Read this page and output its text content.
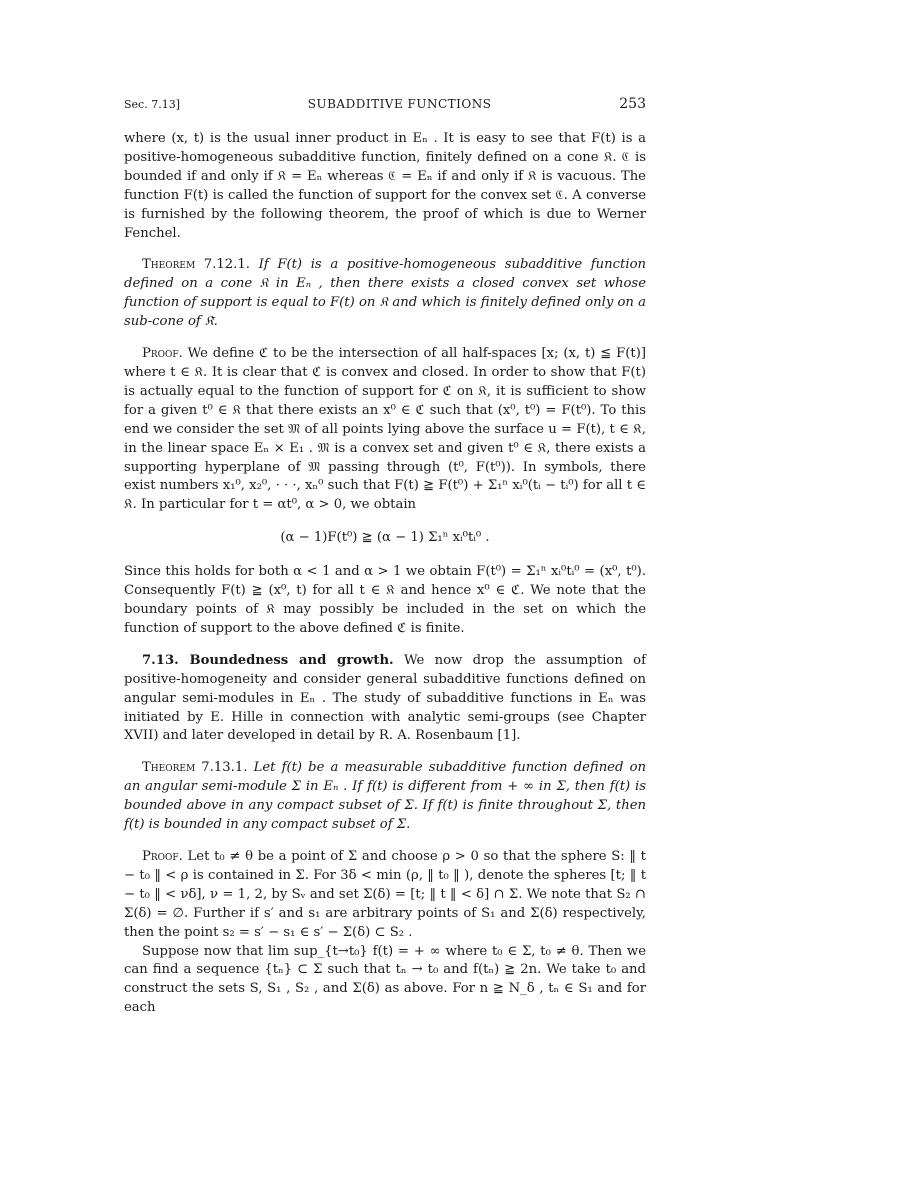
Sec. 7.13]	SUBADDITIVE FUNCTIONS	253

where (x, t) is the usual inner product in Eₙ . It is easy to see that F(t) is a positive-homogeneous subadditive function, finitely defined on a cone 𝔎. ℭ is bounded if and only if 𝔎 = Eₙ whereas ℭ = Eₙ if and only if 𝔎 is vacuous. The function F(t) is called the function of support for the convex set ℭ. A converse is furnished by the following theorem, the proof of which is due to Werner Fenchel.

Theorem 7.12.1. If F(t) is a positive-homogeneous subadditive function defined on a cone 𝔎 in Eₙ , then there exists a closed convex set whose function of support is equal to F(t) on 𝔎 and which is finitely defined only on a sub-cone of 𝔎̄.

Proof. We define ℭ to be the intersection of all half-spaces [x; (x, t) ≦ F(t)] where t ∈ 𝔎. It is clear that ℭ is convex and closed. In order to show that F(t) is actually equal to the function of support for ℭ on 𝔎, it is sufficient to show for a given t⁰ ∈ 𝔎 that there exists an x⁰ ∈ ℭ such that (x⁰, t⁰) = F(t⁰). To this end we consider the set 𝔐 of all points lying above the surface u = F(t), t ∈ 𝔎, in the linear space Eₙ × E₁ . 𝔐 is a convex set and given t⁰ ∈ 𝔎, there exists a supporting hyperplane of 𝔐 passing through (t⁰, F(t⁰)). In symbols, there exist numbers x₁⁰, x₂⁰, · · ·, xₙ⁰ such that F(t) ≧ F(t⁰) + Σ₁ⁿ xᵢ⁰(tᵢ − tᵢ⁰) for all t ∈ 𝔎. In particular for t = αt⁰, α > 0, we obtain

(α − 1)F(t⁰) ≧ (α − 1) Σ₁ⁿ xᵢ⁰tᵢ⁰ .

Since this holds for both α < 1 and α > 1 we obtain F(t⁰) = Σ₁ⁿ xᵢ⁰tᵢ⁰ = (x⁰, t⁰). Consequently F(t) ≧ (x⁰, t) for all t ∈ 𝔎 and hence x⁰ ∈ ℭ. We note that the boundary points of 𝔎 may possibly be included in the set on which the function of support to the above defined ℭ is finite.

7.13. Boundedness and growth. We now drop the assumption of positive-homogeneity and consider general subadditive functions defined on angular semi-modules in Eₙ . The study of subadditive functions in Eₙ was initiated by E. Hille in connection with analytic semi-groups (see Chapter XVII) and later developed in detail by R. A. Rosenbaum [1].

Theorem 7.13.1. Let f(t) be a measurable subadditive function defined on an angular semi-module Σ in Eₙ . If f(t) is different from + ∞ in Σ, then f(t) is bounded above in any compact subset of Σ. If f(t) is finite throughout Σ, then f(t) is bounded in any compact subset of Σ.

Proof. Let t₀ ≠ θ be a point of Σ and choose ρ > 0 so that the sphere S: ‖ t − t₀ ‖ < ρ is contained in Σ. For 3δ < min (ρ, ‖ t₀ ‖ ), denote the spheres [t; ‖ t − t₀ ‖ < νδ], ν = 1, 2, by Sᵥ and set Σ(δ) = [t; ‖ t ‖ < δ] ∩ Σ. We note that S₂ ∩ Σ(δ) = ∅. Further if s′ and s₁ are arbitrary points of S₁ and Σ(δ) respectively, then the point s₂ = s′ − s₁ ∈ s′ − Σ(δ) ⊂ S₂ .

Suppose now that lim sup_{t→t₀} f(t) = + ∞ where t₀ ∈ Σ, t₀ ≠ θ. Then we can find a sequence {tₙ} ⊂ Σ such that tₙ → t₀ and f(tₙ) ≧ 2n. We take t₀ and construct the sets S, S₁ , S₂ , and Σ(δ) as above. For n ≧ N_δ , tₙ ∈ S₁ and for each
